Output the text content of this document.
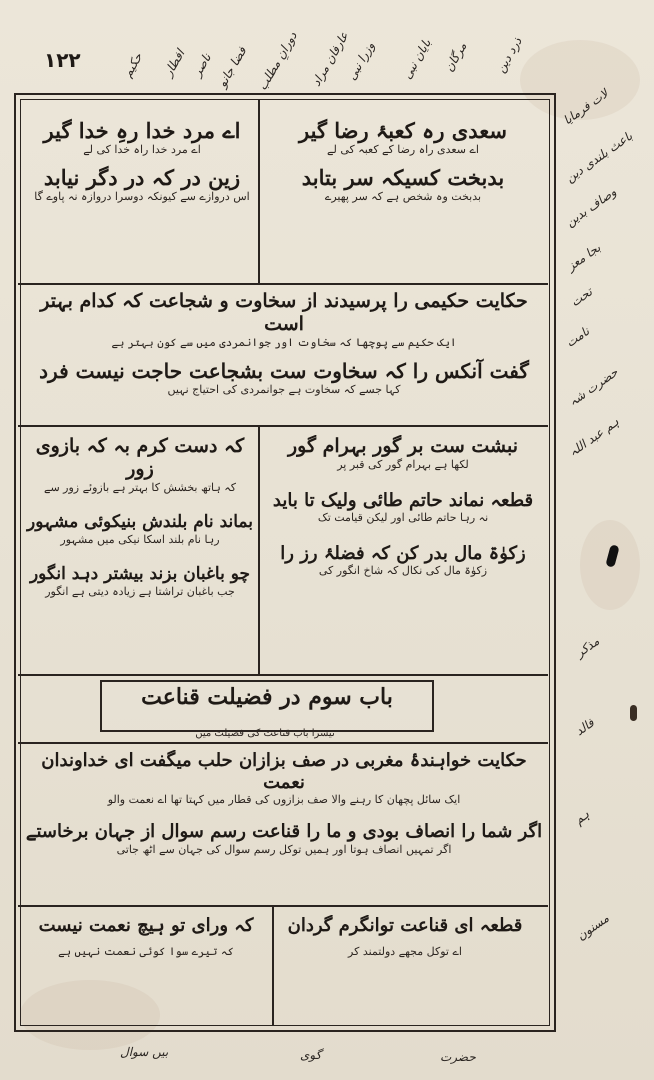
١٢٢	حکیم افطار ناصر فضا جانو دورانِ مطلب عارفان مراد
وزرا نبی بایان نبی مرگان ذرد دین
لات فرمایا
باعث بلندی دین
وصاف بدین
بجا معز
تحت
نامت
حضرت شہ
ہم عبد اللہ
مذکر
فالد
ہم
مسنون
سعدی رہ کعبۂ رضا گیر
اے سعدی راہ رضا کے کعبہ کی لے
بدبخت کسیکہ سر بتابد
بدبخت وہ شخص ہے کہ سر پھیرے
اے مرد خدا رہِ خدا گیر
اے مرد خدا راہ خدا کی لے
زین در کہ در دگر نیابد
اس دروازے سے کیونکہ دوسرا دروازہ نہ پاوے گا
حکایت حکیمی را پرسیدند از سخاوت و شجاعت کہ کدام بہتر است
ایک حکیم سے پوچھا کہ سخاوت اور جوانمردی میں سے کون بہتر ہے
گفت آنکس را کہ سخاوت ست بشجاعت حاجت نیست فرد
کہا جسے کہ سخاوت ہے جوانمردی کی احتیاج نہیں
نبشت ست بر گور بہرام گور
لکھا ہے بہرام گور کی قبر پر
قطعہ نماند حاتم طائی ولیک تا باید
نہ رہا حاتم طائی اور لیکن قیامت تک
زکوٰۃ مال بدر کن کہ فضلۂ رز را
زکوٰۃ مال کی نکال کہ شاخ انگور کی
کہ دست کرم بہ کہ بازوی زور
کہ ہاتھ بخشش کا بہتر ہے بازوئے زور سے
بماند نام بلندش بنیکوئی مشہور
رہا نام بلند اسکا نیکی میں مشہور
چو باغبان بزند بیشتر دہد انگور
جب باغبان تراشتا ہے زیادہ دیتی ہے انگور
باب سوم در فضیلت قناعت
تیسرا باب قناعت کی فضیلت میں
حکایت خواہندۂ مغربی در صف بزازان حلب میگفت ای خداوندان نعمت
ایک سائل پچھان کا رہنے والا صف بزازوں کی قطار میں کہتا تھا اے نعمت والو
اگر شما را انصاف بودی و ما را قناعت رسم سوال از جہان برخاستے
اگر تمہیں انصاف ہوتا اور ہمیں توکل رسم سوال کی جہان سے اٹھ جاتی
قطعہ ای قناعت توانگرم گردان
اے توکل مجھے دولتمند کر
کہ ورای تو ہیچ نعمت نیست
کہ تیرے سوا کوئی نعمت نہیں ہے
بیں سوال	گوی	حضرت
